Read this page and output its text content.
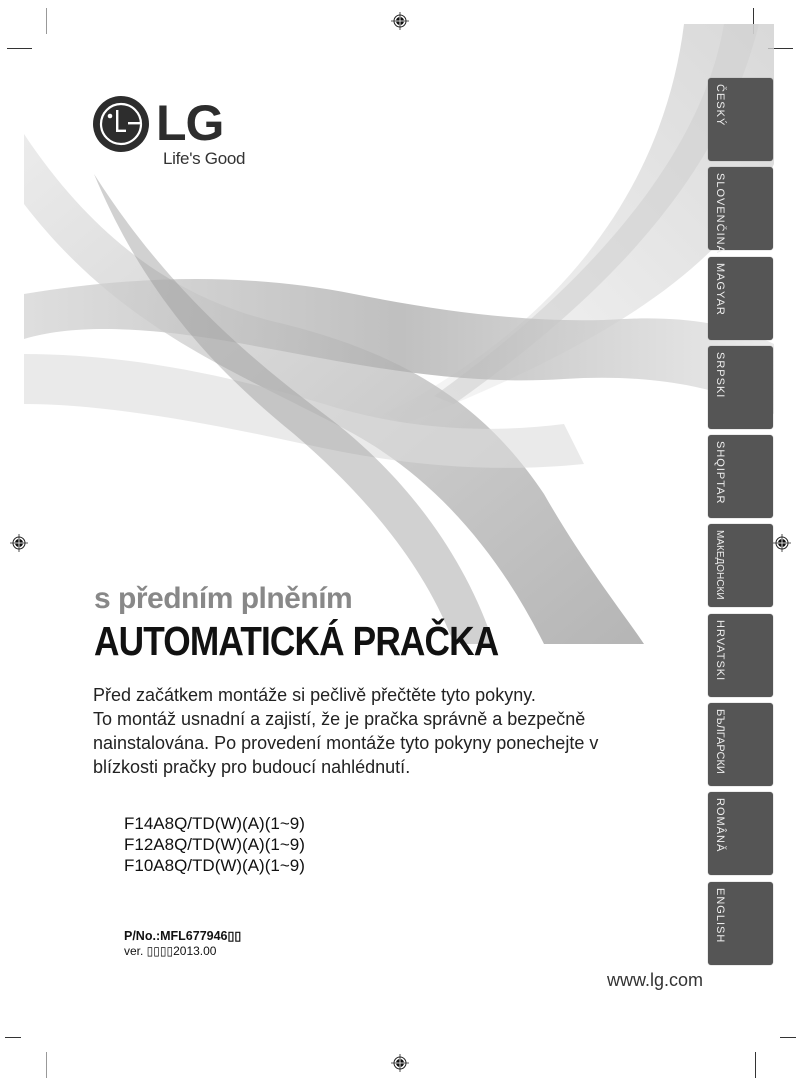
LG
Life's Good
ČESKÝ
SLOVENČINA
MAGYAR
SRPSKI
SHQIPTAR
МАКЕДОНСКИ
HRVATSKI
БЪЛГАРСКИ
ROMÂNĂ
ENGLISH
s předním plněním
AUTOMATICKÁ PRAČKA
Před začátkem montáže si pečlivě přečtěte tyto pokyny.
To montáž usnadní a zajistí, že je pračka správně a bezpečně
nainstalována. Po provedení montáže tyto pokyny ponechejte v
blízkosti pračky pro budoucí nahlédnutí.
F14A8Q/TD(W)(A)(1~9)
F12A8Q/TD(W)(A)(1~9)
F10A8Q/TD(W)(A)(1~9)
P/No.:MFL677946▯▯
ver. ▯▯▯▯2013.00
www.lg.com
